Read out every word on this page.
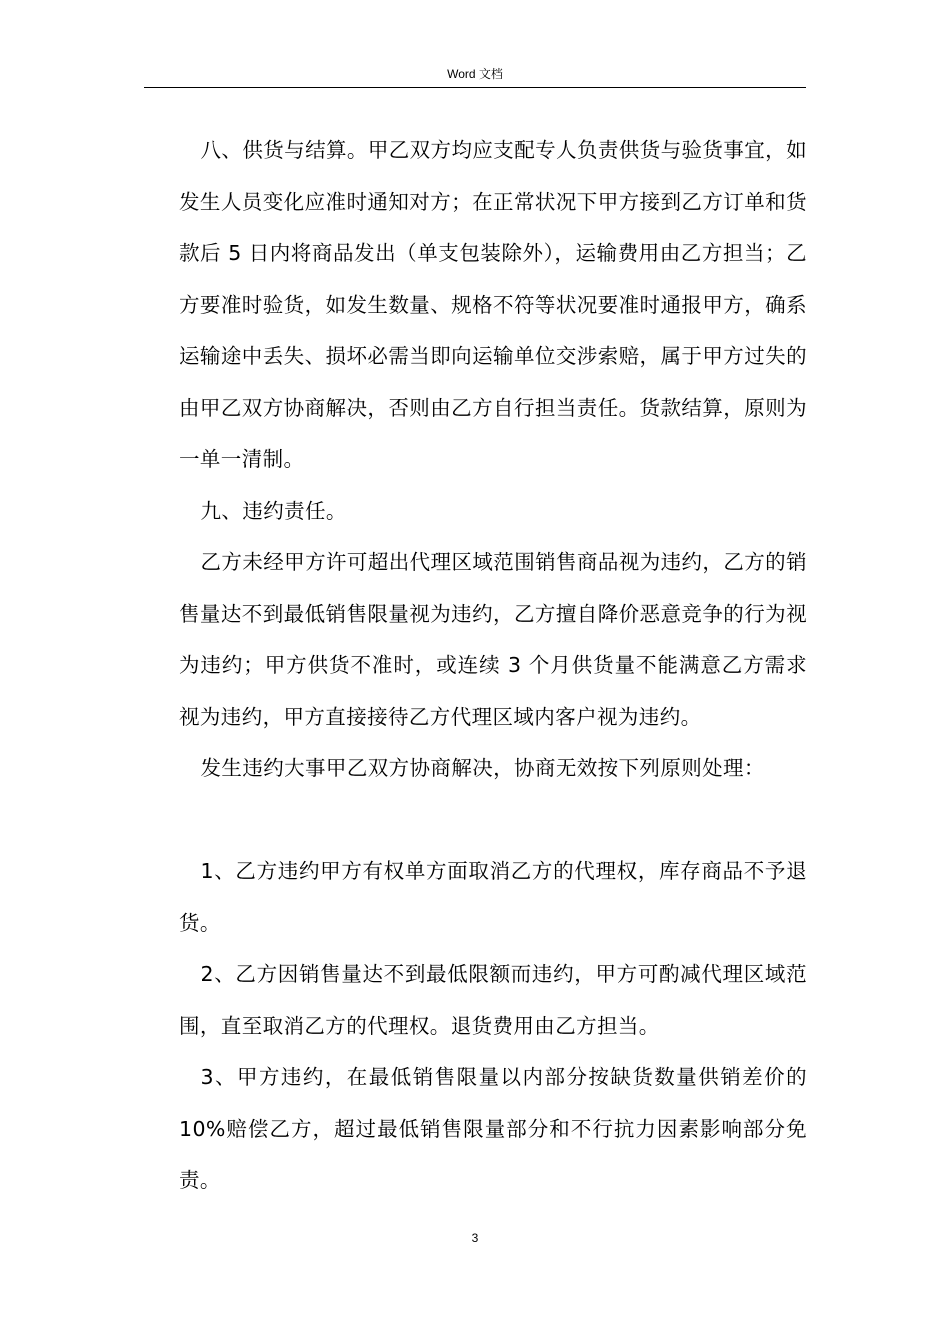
Word 文档

八、供货与结算。甲乙双方均应支配专人负责供货与验货事宜，如发生人员变化应准时通知对方；在正常状况下甲方接到乙方订单和货款后 5 日内将商品发出（单支包装除外），运输费用由乙方担当；乙方要准时验货，如发生数量、规格不符等状况要准时通报甲方，确系运输途中丢失、损坏必需当即向运输单位交涉索赔，属于甲方过失的由甲乙双方协商解决，否则由乙方自行担当责任。货款结算，原则为一单一清制。

九、违约责任。

乙方未经甲方许可超出代理区域范围销售商品视为违约，乙方的销售量达不到最低销售限量视为违约，乙方擅自降价恶意竞争的行为视为违约；甲方供货不准时，或连续 3 个月供货量不能满意乙方需求视为违约，甲方直接接待乙方代理区域内客户视为违约。

发生违约大事甲乙双方协商解决，协商无效按下列原则处理：

1、乙方违约甲方有权单方面取消乙方的代理权，库存商品不予退货。

2、乙方因销售量达不到最低限额而违约，甲方可酌减代理区域范围，直至取消乙方的代理权。退货费用由乙方担当。

3、甲方违约，在最低销售限量以内部分按缺货数量供销差价的 10%赔偿乙方，超过最低销售限量部分和不行抗力因素影响部分免责。

3
